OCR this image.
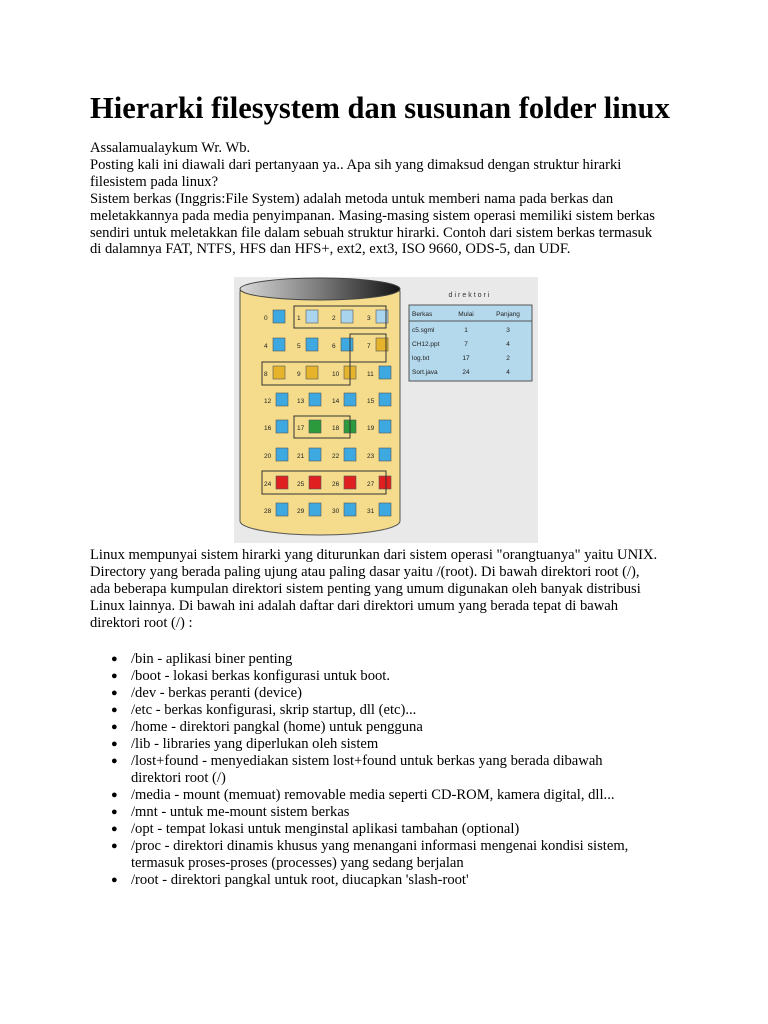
Hierarki filesystem dan susunan folder linux

Assalamualaykum Wr. Wb.
Posting kali ini diawali dari pertanyaan ya.. Apa sih yang dimaksud dengan struktur hirarki
filesistem pada linux?
Sistem berkas (Inggris:File System) adalah metoda untuk memberi nama pada berkas dan
meletakkannya pada media penyimpanan. Masing-masing sistem operasi memiliki sistem berkas
sendiri untuk meletakkan file dalam sebuah struktur hirarki. Contoh dari sistem berkas termasuk
di dalamnya FAT, NTFS, HFS dan HFS+, ext2, ext3, ISO 9660, ODS-5, dan UDF.

0	1	2	3
4	5	6	7
8	9	10	11
12	13	14	15
16	17	18	19
20	21	22	23
24	25	26	27
28	29	30	31
direktori
Berkas	Mulai	Panjang
c5.sgml	1	3
CH12.ppt	7	4
log.txt	17	2
Sort.java	24	4

Linux mempunyai sistem hirarki yang diturunkan dari sistem operasi "orangtuanya" yaitu UNIX.
Directory yang berada paling ujung atau paling dasar yaitu /(root). Di bawah direktori root (/),
ada beberapa kumpulan direktori sistem penting yang umum digunakan oleh banyak distribusi
Linux lainnya. Di bawah ini adalah daftar dari direktori umum yang berada tepat di bawah
direktori root (/) :

● /bin - aplikasi biner penting
● /boot - lokasi berkas konfigurasi untuk boot.
● /dev - berkas peranti (device)
● /etc - berkas konfigurasi, skrip startup, dll (etc)...
● /home - direktori pangkal (home) untuk pengguna
● /lib - libraries yang diperlukan oleh sistem
● /lost+found - menyediakan sistem lost+found untuk berkas yang berada dibawah
direktori root (/)
● /media - mount (memuat) removable media seperti CD-ROM, kamera digital, dll...
● /mnt - untuk me-mount sistem berkas
● /opt - tempat lokasi untuk menginstal aplikasi tambahan (optional)
● /proc - direktori dinamis khusus yang menangani informasi mengenai kondisi sistem,
termasuk proses-proses (processes) yang sedang berjalan
● /root - direktori pangkal untuk root, diucapkan 'slash-root'
